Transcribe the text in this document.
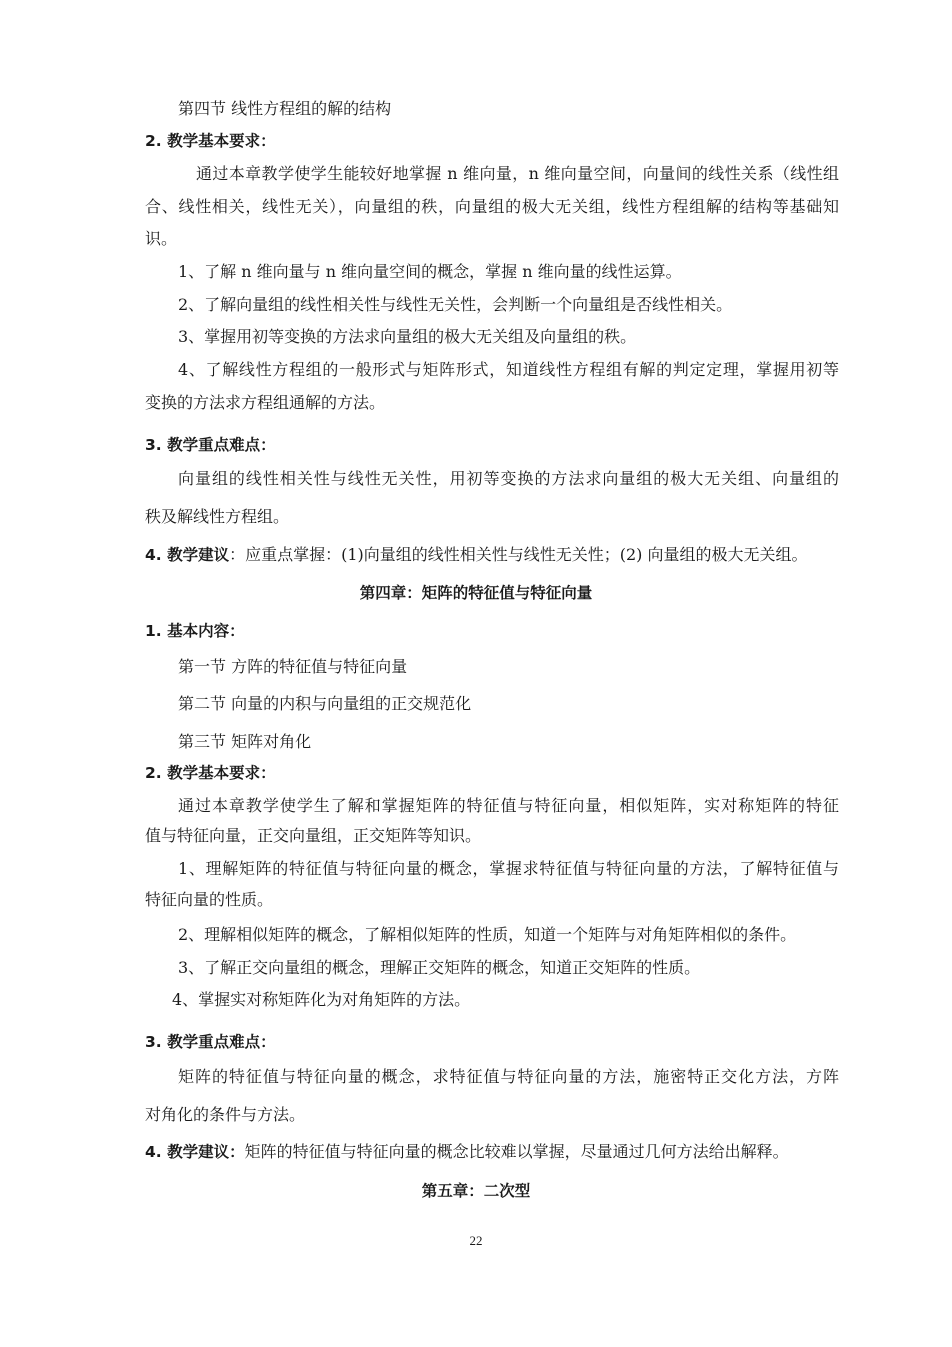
第四节 线性方程组的解的结构
2. 教学基本要求：
通过本章教学使学生能较好地掌握 n 维向量，n 维向量空间，向量间的线性关系（线性组
合、线性相关，线性无关），向量组的秩，向量组的极大无关组，线性方程组解的结构等基础知
识。
1、了解 n 维向量与 n 维向量空间的概念，掌握 n 维向量的线性运算。
2、了解向量组的线性相关性与线性无关性，会判断一个向量组是否线性相关。
3、掌握用初等变换的方法求向量组的极大无关组及向量组的秩。
4、了解线性方程组的一般形式与矩阵形式，知道线性方程组有解的判定定理，掌握用初等
变换的方法求方程组通解的方法。
3. 教学重点难点：
向量组的线性相关性与线性无关性，用初等变换的方法求向量组的极大无关组、向量组的
秩及解线性方程组。
4. 教学建议：应重点掌握：(1)向量组的线性相关性与线性无关性；(2) 向量组的极大无关组。
第四章：矩阵的特征值与特征向量
1. 基本内容：
第一节 方阵的特征值与特征向量
第二节 向量的内积与向量组的正交规范化
第三节 矩阵对角化
2. 教学基本要求：
通过本章教学使学生了解和掌握矩阵的特征值与特征向量，相似矩阵，实对称矩阵的特征
值与特征向量，正交向量组，正交矩阵等知识。
1、理解矩阵的特征值与特征向量的概念，掌握求特征值与特征向量的方法，了解特征值与
特征向量的性质。
2、理解相似矩阵的概念，了解相似矩阵的性质，知道一个矩阵与对角矩阵相似的条件。
3、了解正交向量组的概念，理解正交矩阵的概念，知道正交矩阵的性质。
4、掌握实对称矩阵化为对角矩阵的方法。
3. 教学重点难点：
矩阵的特征值与特征向量的概念，求特征值与特征向量的方法，施密特正交化方法，方阵
对角化的条件与方法。
4. 教学建议：矩阵的特征值与特征向量的概念比较难以掌握，尽量通过几何方法给出解释。
第五章：二次型
22
